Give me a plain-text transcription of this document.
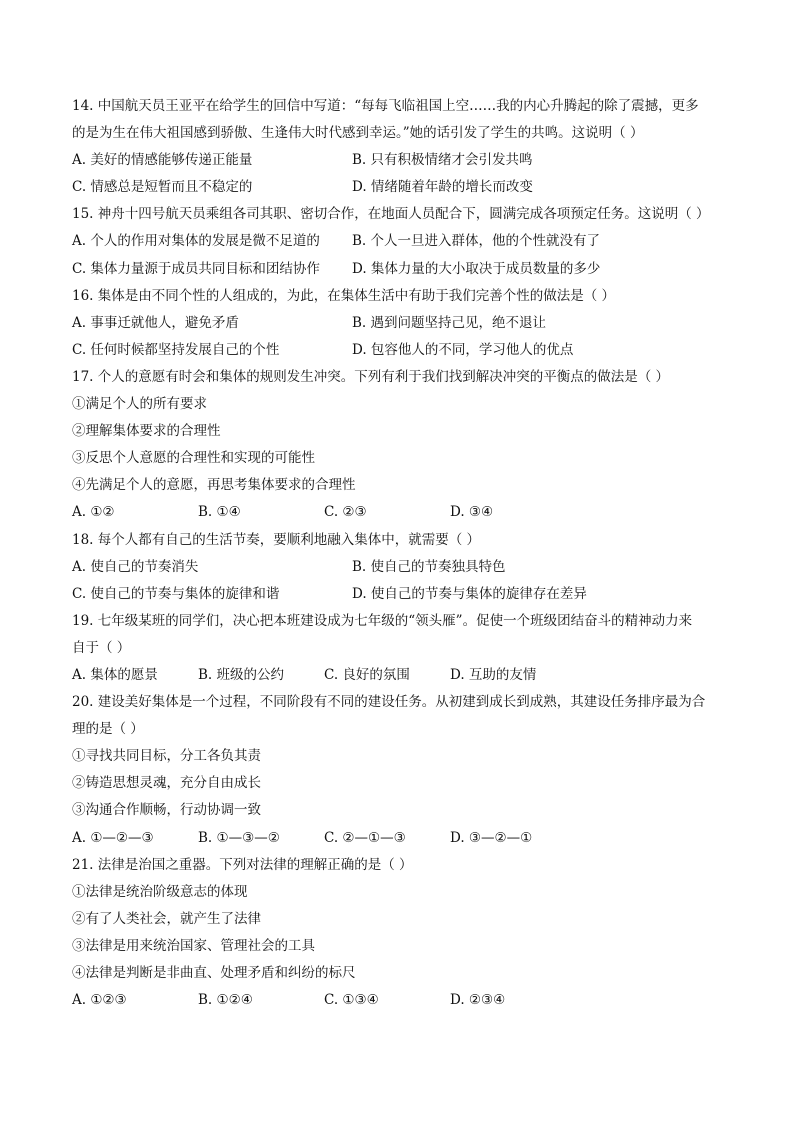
14. 中国航天员王亚平在给学生的回信中写道：“每每飞临祖国上空……我的内心升腾起的除了震撼，更多
的是为生在伟大祖国感到骄傲、生逢伟大时代感到幸运。”她的话引发了学生的共鸣。这说明（ ）
A. 美好的情感能够传递正能量	B. 只有积极情绪才会引发共鸣
C. 情感总是短暂而且不稳定的	D. 情绪随着年龄的增长而改变
15. 神舟十四号航天员乘组各司其职、密切合作，在地面人员配合下，圆满完成各项预定任务。这说明（ ）
A. 个人的作用对集体的发展是微不足道的	B. 个人一旦进入群体，他的个性就没有了
C. 集体力量源于成员共同目标和团结协作	D. 集体力量的大小取决于成员数量的多少
16. 集体是由不同个性的人组成的，为此，在集体生活中有助于我们完善个性的做法是（ ）
A. 事事迁就他人，避免矛盾	B. 遇到问题坚持己见，绝不退让
C. 任何时候都坚持发展自己的个性	D. 包容他人的不同，学习他人的优点
17. 个人的意愿有时会和集体的规则发生冲突。下列有利于我们找到解决冲突的平衡点的做法是（ ）
①满足个人的所有要求
②理解集体要求的合理性
③反思个人意愿的合理性和实现的可能性
④先满足个人的意愿，再思考集体要求的合理性
A. ①②	B. ①④	C. ②③	D. ③④
18. 每个人都有自己的生活节奏，要顺利地融入集体中，就需要（ ）
A. 使自己的节奏消失	B. 使自己的节奏独具特色
C. 使自己的节奏与集体的旋律和谐	D. 使自己的节奏与集体的旋律存在差异
19. 七年级某班的同学们，决心把本班建设成为七年级的“领头雁”。促使一个班级团结奋斗的精神动力来
自于（ ）
A. 集体的愿景	B. 班级的公约	C. 良好的氛围	D. 互助的友情
20. 建设美好集体是一个过程，不同阶段有不同的建设任务。从初建到成长到成熟，其建设任务排序最为合
理的是（ ）
①寻找共同目标，分工各负其责
②铸造思想灵魂，充分自由成长
③沟通合作顺畅，行动协调一致
A. ①—②—③	B. ①—③—②	C. ②—①—③	D. ③—②—①
21. 法律是治国之重器。下列对法律的理解正确的是（ ）
①法律是统治阶级意志的体现
②有了人类社会，就产生了法律
③法律是用来统治国家、管理社会的工具
④法律是判断是非曲直、处理矛盾和纠纷的标尺
A. ①②③	B. ①②④	C. ①③④	D. ②③④
